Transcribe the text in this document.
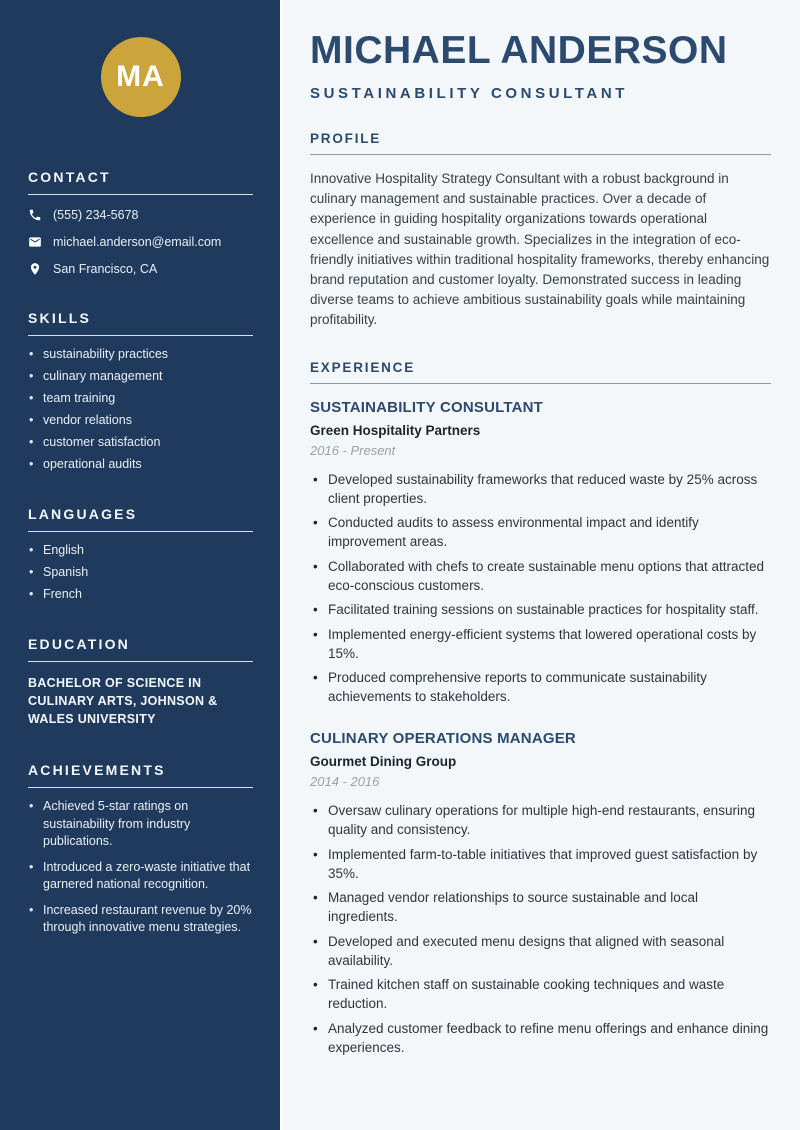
MA
CONTACT
(555) 234-5678
michael.anderson@email.com
San Francisco, CA
SKILLS
• sustainability practices
• culinary management
• team training
• vendor relations
• customer satisfaction
• operational audits
LANGUAGES
• English
• Spanish
• French
EDUCATION
BACHELOR OF SCIENCE IN CULINARY ARTS, JOHNSON & WALES UNIVERSITY
ACHIEVEMENTS
• Achieved 5-star ratings on sustainability from industry publications.
• Introduced a zero-waste initiative that garnered national recognition.
• Increased restaurant revenue by 20% through innovative menu strategies.
MICHAEL ANDERSON
SUSTAINABILITY CONSULTANT
PROFILE

Innovative Hospitality Strategy Consultant with a robust background in culinary management and sustainable practices. Over a decade of experience in guiding hospitality organizations towards operational excellence and sustainable growth. Specializes in the integration of eco-friendly initiatives within traditional hospitality frameworks, thereby enhancing brand reputation and customer loyalty. Demonstrated success in leading diverse teams to achieve ambitious sustainability goals while maintaining profitability.

EXPERIENCE
SUSTAINABILITY CONSULTANT
Green Hospitality Partners
2016 - Present
• Developed sustainability frameworks that reduced waste by 25% across client properties.
• Conducted audits to assess environmental impact and identify improvement areas.
• Collaborated with chefs to create sustainable menu options that attracted eco-conscious customers.
• Facilitated training sessions on sustainable practices for hospitality staff.
• Implemented energy-efficient systems that lowered operational costs by 15%.
• Produced comprehensive reports to communicate sustainability achievements to stakeholders.
CULINARY OPERATIONS MANAGER
Gourmet Dining Group
2014 - 2016
• Oversaw culinary operations for multiple high-end restaurants, ensuring quality and consistency.
• Implemented farm-to-table initiatives that improved guest satisfaction by 35%.
• Managed vendor relationships to source sustainable and local ingredients.
• Developed and executed menu designs that aligned with seasonal availability.
• Trained kitchen staff on sustainable cooking techniques and waste reduction.
• Analyzed customer feedback to refine menu offerings and enhance dining experiences.
